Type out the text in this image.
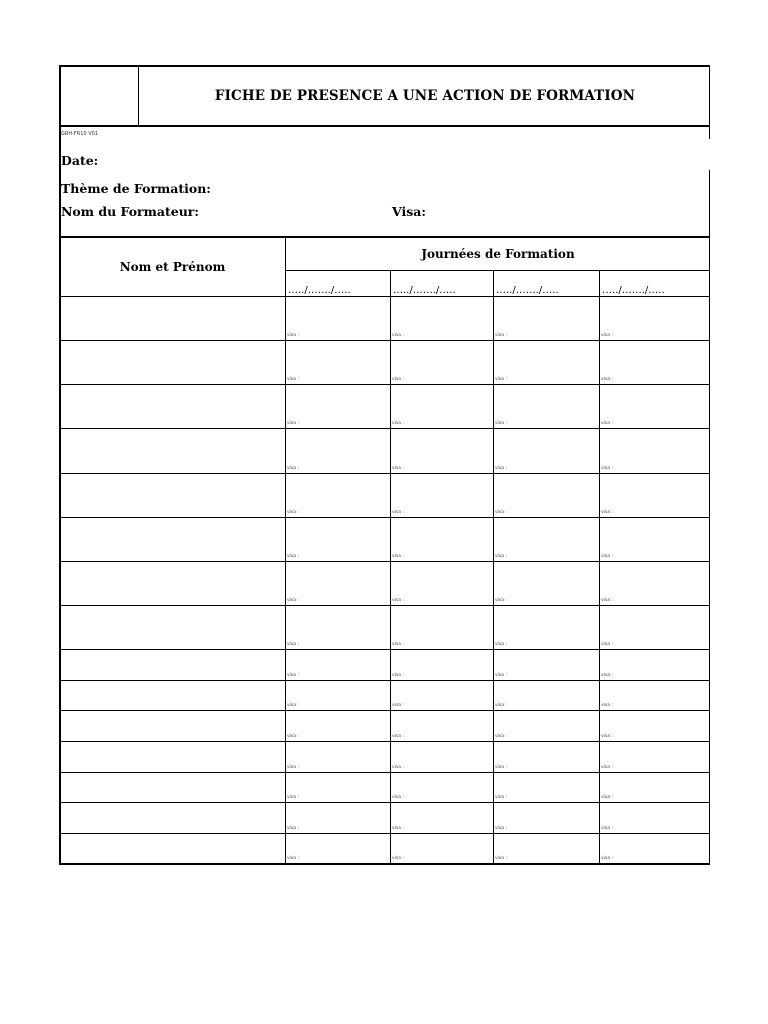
FICHE DE PRESENCE A UNE ACTION DE FORMATION
GRH-FR10 V01
Date:
Thème de Formation:
Nom du Formateur:	Visa:
Nom et Prénom
Journées de Formation
…../……./…..	…../……./…..	…../……./…..	…../……./…..
visa :	visa :	visa :	visa :
visa :	visa :	visa :	visa :
visa :	visa :	visa :	visa :
visa :	visa :	visa :	visa :
visa :	visa :	visa :	visa :
visa :	visa :	visa :	visa :
visa :	visa :	visa :	visa :
visa :	visa :	visa :	visa :
visa :	visa :	visa :	visa :
visa :	visa :	visa :	visa :
visa :	visa :	visa :	visa :
visa :	visa :	visa :	visa :
visa :	visa :	visa :	visa :
visa :	visa :	visa :	visa :
visa :	visa :	visa :	visa :
